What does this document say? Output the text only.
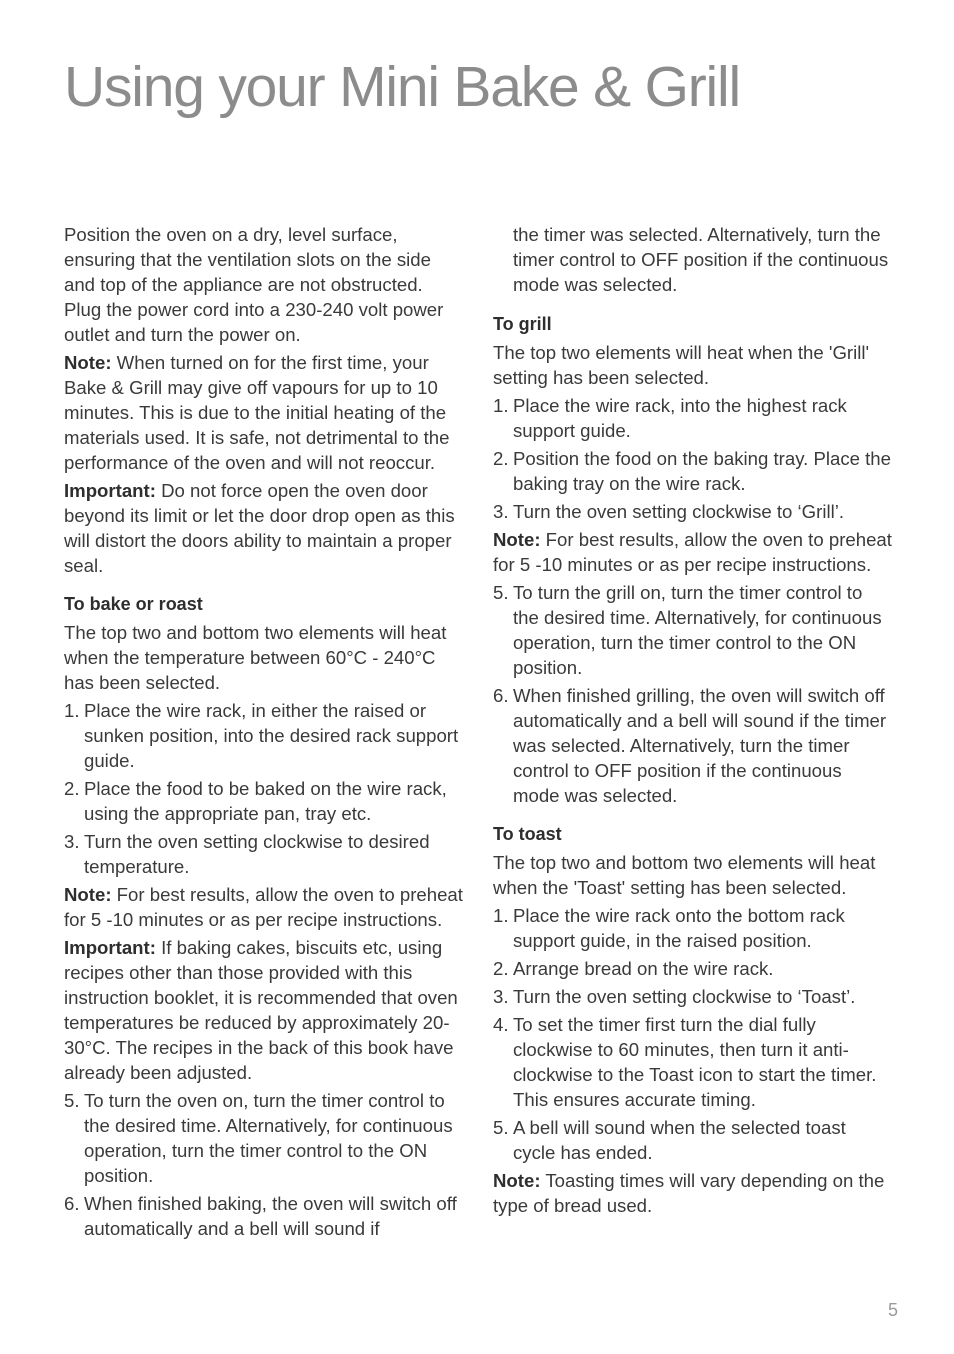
Using your Mini Bake & Grill

Position the oven on a dry, level surface, ensuring that the ventilation slots on the side and top of the appliance are not obstructed. Plug the power cord into a 230-240 volt power outlet and turn the power on.

Note: When turned on for the first time, your Bake & Grill may give off vapours for up to 10 minutes. This is due to the initial heating of the materials used. It is safe, not detrimental to the performance of the oven and will not reoccur.

Important: Do not force open the oven door beyond its limit or let the door drop open as this will distort the doors ability to maintain a proper seal.

To bake or roast

The top two and bottom two elements will heat when the temperature between 60°C - 240°C has been selected.

1. Place the wire rack, in either the raised or sunken position, into the desired rack support guide.
2. Place the food to be baked on the wire rack, using the appropriate pan, tray etc.
3. Turn the oven setting clockwise to desired temperature.

Note: For best results, allow the oven to preheat for 5 -10 minutes or as per recipe instructions.

Important: If baking cakes, biscuits etc, using recipes other than those provided with this instruction booklet, it is recommended that oven temperatures be reduced by approximately 20-30°C. The recipes in the back of this book have already been adjusted.

5. To turn the oven on, turn the timer control to the desired time. Alternatively, for continuous operation, turn the timer control to the ON position.
6. When finished baking, the oven will switch off automatically and a bell will sound if

the timer was selected. Alternatively, turn the timer control to OFF position if the continuous mode was selected.

To grill

The top two elements will heat when the 'Grill' setting has been selected.

1. Place the wire rack, into the highest rack support guide.
2. Position the food on the baking tray. Place the baking tray on the wire rack.
3. Turn the oven setting clockwise to ‘Grill’.

Note: For best results, allow the oven to preheat for 5 -10 minutes or as per recipe instructions.

5. To turn the grill on, turn the timer control to the desired time. Alternatively, for continuous operation, turn the timer control to the ON position.
6. When finished grilling, the oven will switch off automatically and a bell will sound if the timer was selected. Alternatively, turn the timer control to OFF position if the continuous mode was selected.
To toast

The top two and bottom two elements will heat when the 'Toast' setting has been selected.

1. Place the wire rack onto the bottom rack support guide, in the raised position.
2. Arrange bread on the wire rack.
3. Turn the oven setting clockwise to ‘Toast’.
4. To set the timer first turn the dial fully clockwise to 60 minutes, then turn it anti-clockwise to the Toast icon to start the timer. This ensures accurate timing.
5. A bell will sound when the selected toast cycle has ended.

Note: Toasting times will vary depending on the type of bread used.

5
